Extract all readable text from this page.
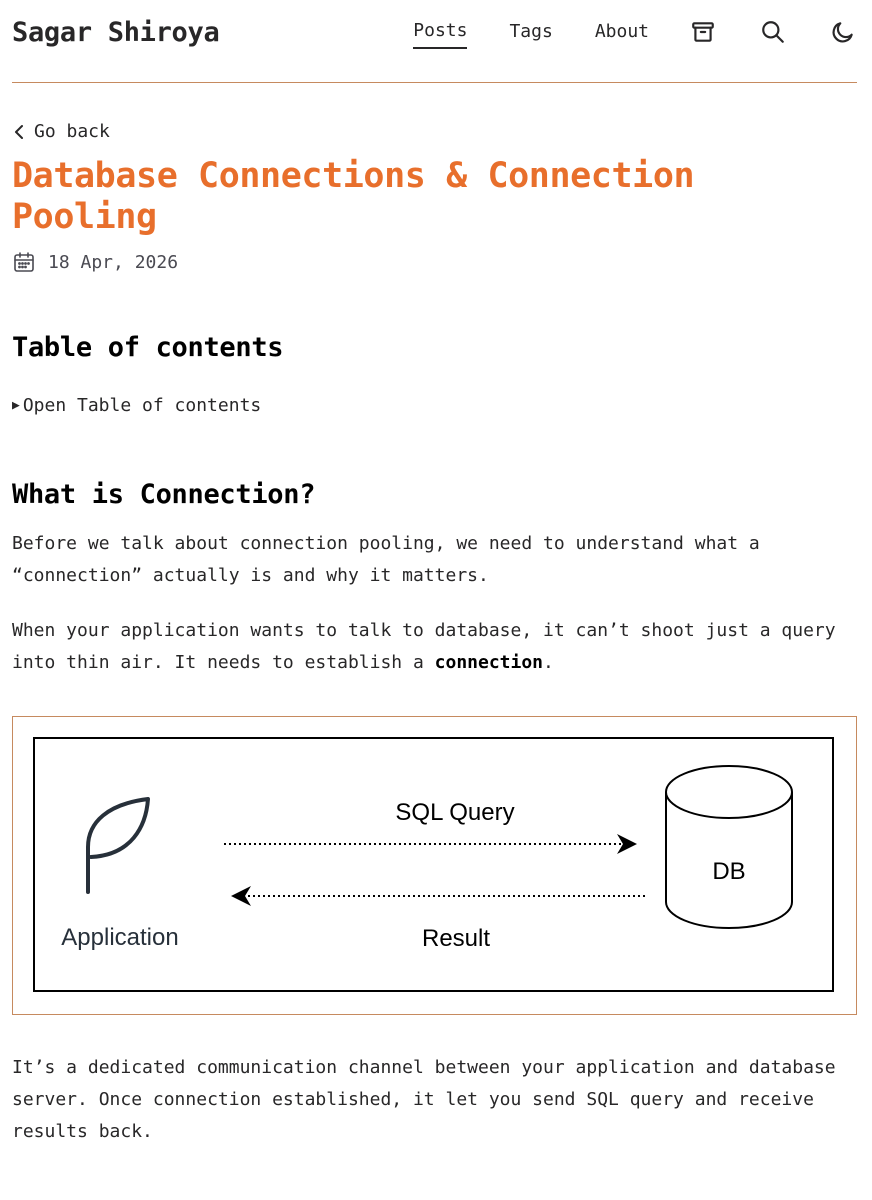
Sagar Shiroya	Posts Tags About
Go back
Database Connections & Connection Pooling
18 Apr, 2026
Table of contents
▶ Open Table of contents
What is Connection?

Before we talk about connection pooling, we need to understand what a “connection” actually is and why it matters.

When your application wants to talk to database, it can’t shoot just a query into thin air. It needs to establish a connection.

Application
SQL Query
Result
DB

It’s a dedicated communication channel between your application and database server. Once connection established, it let you send SQL query and receive results back.
